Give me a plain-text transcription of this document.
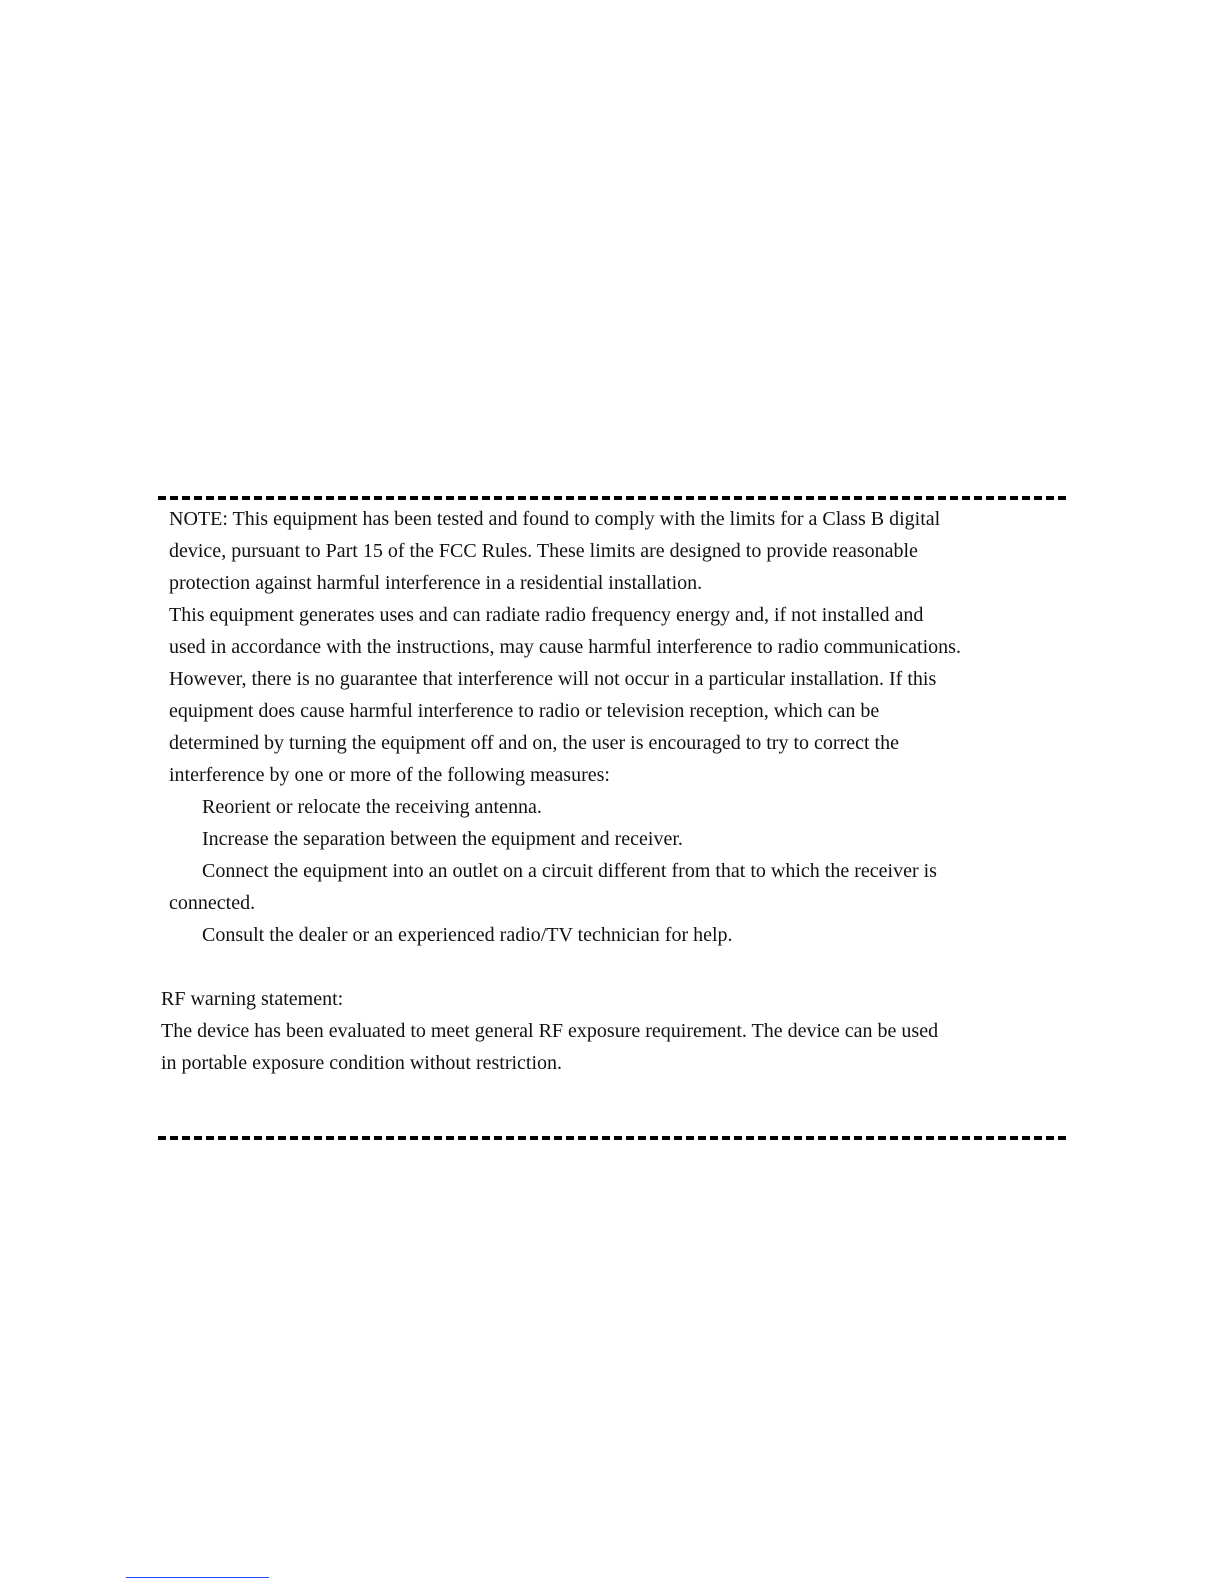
NOTE: This equipment has been tested and found to comply with the limits for a Class B digital

device, pursuant to Part 15 of the FCC Rules. These limits are designed to provide reasonable

protection against harmful interference in a residential installation.

This equipment generates uses and can radiate radio frequency energy and, if not installed and

used in accordance with the instructions, may cause harmful interference to radio communications.

However, there is no guarantee that interference will not occur in a particular installation. If this

equipment does cause harmful interference to radio or television reception, which can be

determined by turning the equipment off and on, the user is encouraged to try to correct the

interference by one or more of the following measures:

Reorient or relocate the receiving antenna.

Increase the separation between the equipment and receiver.

Connect the equipment into an outlet on a circuit different from that to which the receiver is

connected.

Consult the dealer or an experienced radio/TV technician for help.

RF warning statement:

The device has been evaluated to meet general RF exposure requirement. The device can be used

in portable exposure condition without restriction.
